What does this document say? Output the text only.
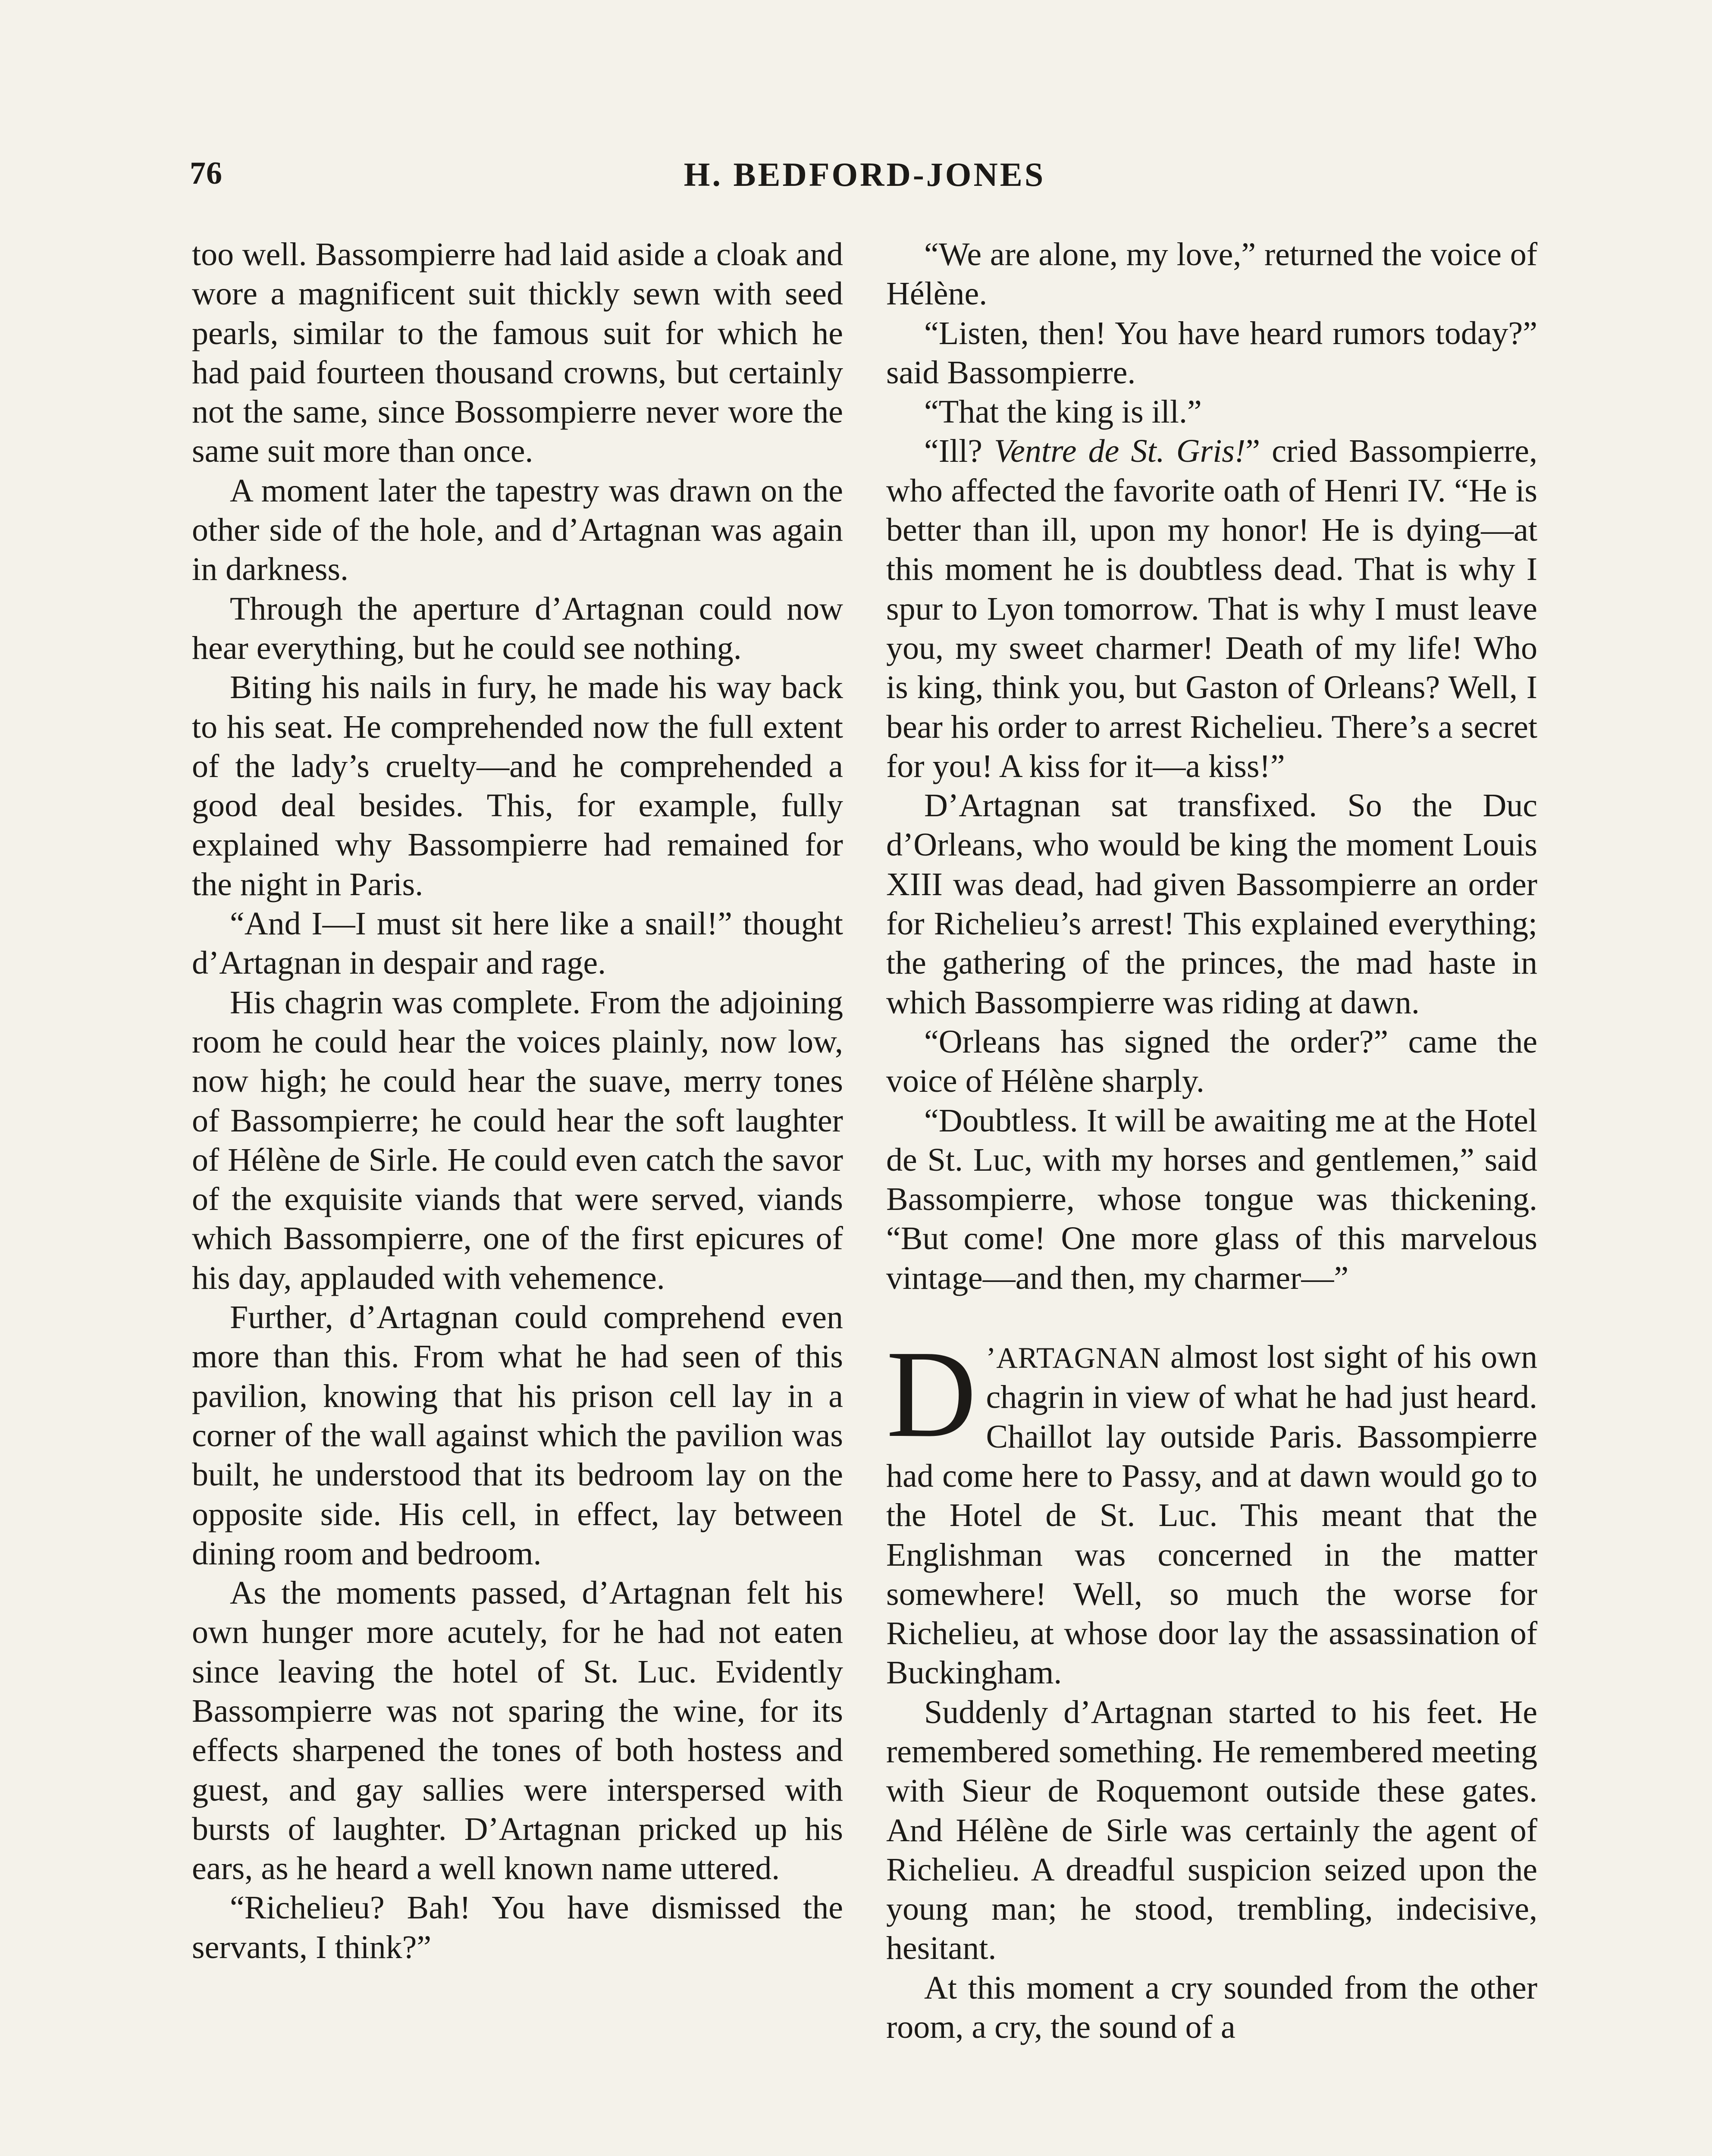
76	H. BEDFORD-JONES

too well. Bassompierre had laid aside a cloak and wore a magnificent suit thickly sewn with seed pearls, similar to the famous suit for which he had paid fourteen thousand crowns, but certainly not the same, since Bossompierre never wore the same suit more than once.

A moment later the tapestry was drawn on the other side of the hole, and d’Artagnan was again in darkness.

Through the aperture d’Artagnan could now hear everything, but he could see nothing.

Biting his nails in fury, he made his way back to his seat. He comprehended now the full extent of the lady’s cruelty—and he comprehended a good deal besides. This, for example, fully explained why Bassompierre had remained for the night in Paris.

“And I—I must sit here like a snail!” thought d’Artagnan in despair and rage.

His chagrin was complete. From the adjoining room he could hear the voices plainly, now low, now high; he could hear the suave, merry tones of Bassompierre; he could hear the soft laughter of Hélène de Sirle. He could even catch the savor of the exquisite viands that were served, viands which Bassompierre, one of the first epicures of his day, applauded with vehemence.

Further, d’Artagnan could comprehend even more than this. From what he had seen of this pavilion, knowing that his prison cell lay in a corner of the wall against which the pavilion was built, he understood that its bedroom lay on the opposite side. His cell, in effect, lay between dining room and bedroom.

As the moments passed, d’Artagnan felt his own hunger more acutely, for he had not eaten since leaving the hotel of St. Luc. Evidently Bassompierre was not sparing the wine, for its effects sharpened the tones of both hostess and guest, and gay sallies were interspersed with bursts of laughter. D’Artagnan pricked up his ears, as he heard a well known name uttered.

“Richelieu? Bah! You have dismissed the servants, I think?”

“We are alone, my love,” returned the voice of Hélène.

“Listen, then! You have heard rumors today?” said Bassompierre.

“That the king is ill.”

“Ill? Ventre de St. Gris!” cried Bassompierre, who affected the favorite oath of Henri IV. “He is better than ill, upon my honor! He is dying—at this moment he is doubtless dead. That is why I spur to Lyon tomorrow. That is why I must leave you, my sweet charmer! Death of my life! Who is king, think you, but Gaston of Orleans? Well, I bear his order to arrest Richelieu. There’s a secret for you! A kiss for it—a kiss!”

D’Artagnan sat transfixed. So the Duc d’Orleans, who would be king the moment Louis XIII was dead, had given Bassompierre an order for Richelieu’s arrest! This explained everything; the gathering of the princes, the mad haste in which Bassompierre was riding at dawn.

“Orleans has signed the order?” came the voice of Hélène sharply.

“Doubtless. It will be awaiting me at the Hotel de St. Luc, with my horses and gentlemen,” said Bassompierre, whose tongue was thickening. “But come! One more glass of this marvelous vintage—and then, my charmer—”

D ’ARTAGNAN almost lost sight of his own chagrin in view of what he had just heard. Chaillot lay outside Paris. Bassompierre had come here to Passy, and at dawn would go to the Hotel de St. Luc. This meant that the Englishman was concerned in the matter somewhere! Well, so much the worse for Richelieu, at whose door lay the assassination of Buckingham.

Suddenly d’Artagnan started to his feet. He remembered something. He remembered meeting with Sieur de Roquemont outside these gates. And Hélène de Sirle was certainly the agent of Richelieu. A dreadful suspicion seized upon the young man; he stood, trembling, indecisive, hesitant.

At this moment a cry sounded from the other room, a cry, the sound of a
